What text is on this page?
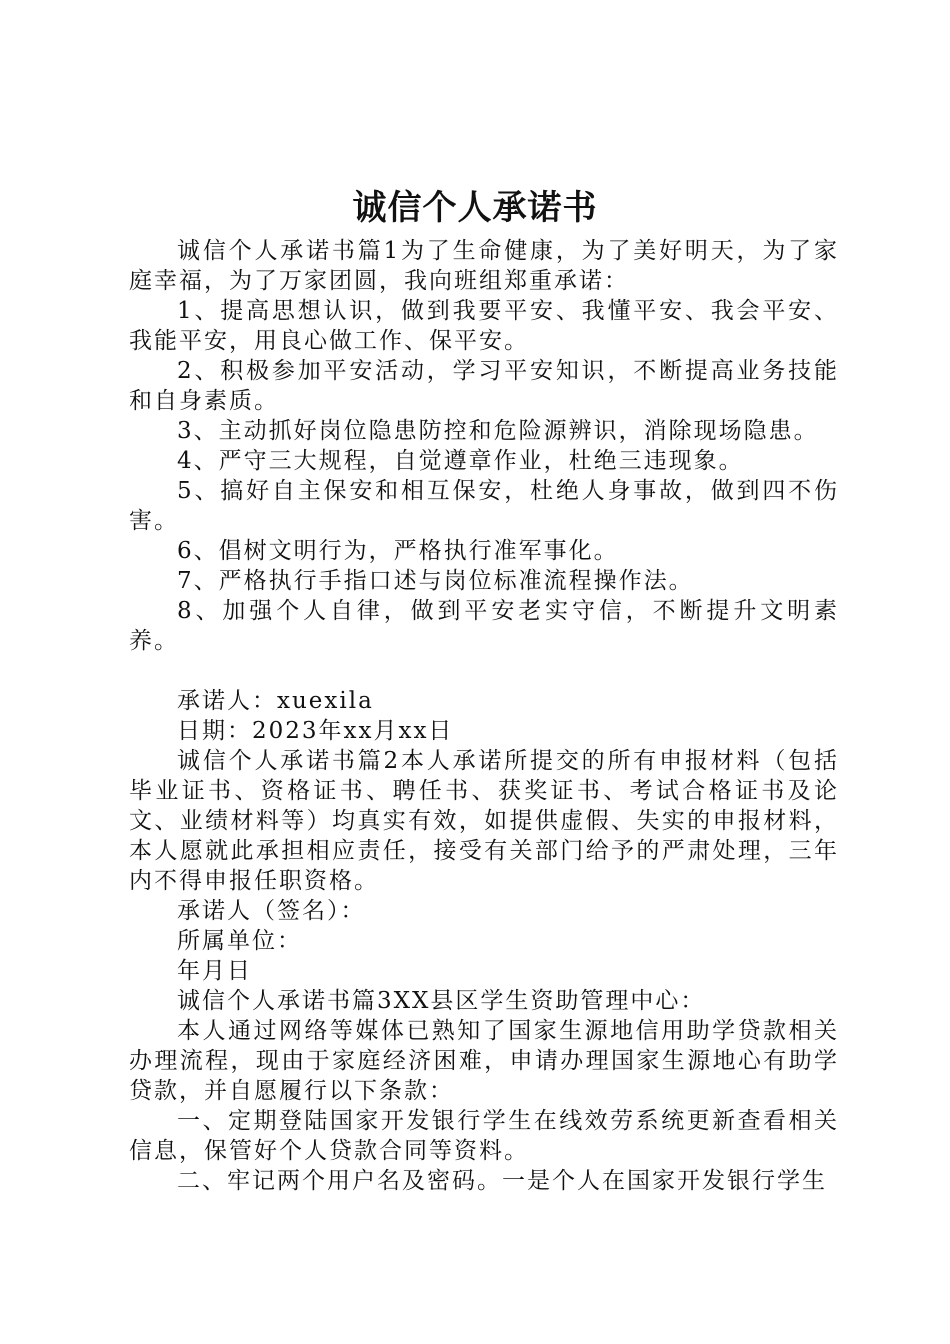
诚信个人承诺书

诚信个人承诺书篇1为了生命健康，为了美好明天，为了家庭幸福，为了万家团圆，我向班组郑重承诺：

1、提高思想认识，做到我要平安、我懂平安、我会平安、我能平安，用良心做工作、保平安。

2、积极参加平安活动，学习平安知识，不断提高业务技能和自身素质。

3、主动抓好岗位隐患防控和危险源辨识，消除现场隐患。

4、严守三大规程，自觉遵章作业，杜绝三违现象。

5、搞好自主保安和相互保安，杜绝人身事故，做到四不伤害。

6、倡树文明行为，严格执行准军事化。

7、严格执行手指口述与岗位标准流程操作法。

8、加强个人自律，做到平安老实守信，不断提升文明素养。

承诺人：xuexila

日期：2023年xx月xx日

诚信个人承诺书篇2本人承诺所提交的所有申报材料（包括毕业证书、资格证书、聘任书、获奖证书、考试合格证书及论文、业绩材料等）均真实有效，如提供虚假、失实的申报材料，本人愿就此承担相应责任，接受有关部门给予的严肃处理，三年内不得申报任职资格。

承诺人（签名）：

所属单位：

年月日

诚信个人承诺书篇3XX县区学生资助管理中心：

本人通过网络等媒体已熟知了国家生源地信用助学贷款相关办理流程，现由于家庭经济困难，申请办理国家生源地心有助学贷款，并自愿履行以下条款：

一、定期登陆国家开发银行学生在线效劳系统更新查看相关信息，保管好个人贷款合同等资料。

二、牢记两个用户名及密码。一是个人在国家开发银行学生
